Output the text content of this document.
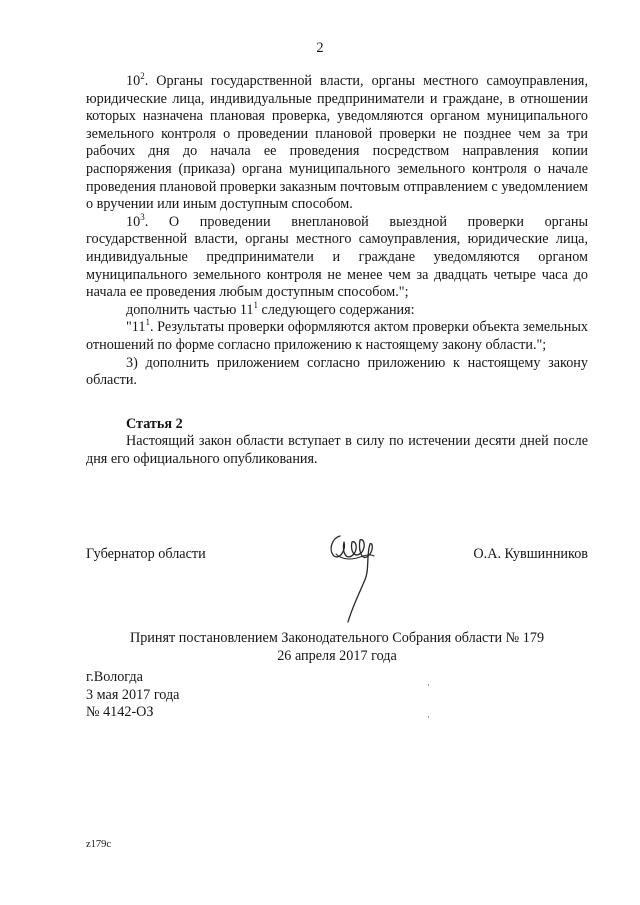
2

$10^2$. Органы государственной власти, органы местного самоуправления, юридические лица, индивидуальные предприниматели и граждане, в отношении которых назначена плановая проверка, уведомляются органом муниципального земельного контроля о проведении плановой проверки не позднее чем за три рабочих дня до начала ее проведения посредством направления копии распоряжения (приказа) органа муниципального земельного контроля о начале проведения плановой проверки заказным почтовым отправлением с уведомлением о вручении или иным доступным способом.

$10^3$. О проведении внеплановой выездной проверки органы государственной власти, органы местного самоуправления, юридические лица, индивидуальные предприниматели и граждане уведомляются органом муниципального земельного контроля не менее чем за двадцать четыре часа до начала ее проведения любым доступным способом.";

дополнить частью $11^1$ следующего содержания:

"$11^1$. Результаты проверки оформляются актом проверки объекта земельных отношений по форме согласно приложению к настоящему закону области.";

3) дополнить приложением согласно приложению к настоящему закону области.

Статья 2

Настоящий закон области вступает в силу по истечении десяти дней после дня его официального опубликования.

Губернатор области	О.А. Кувшинников
Принят постановлением Законодательного Собрания области № 179
26 апреля 2017 года
г.Вологда
3 мая 2017 года
№ 4142-ОЗ
z179c
